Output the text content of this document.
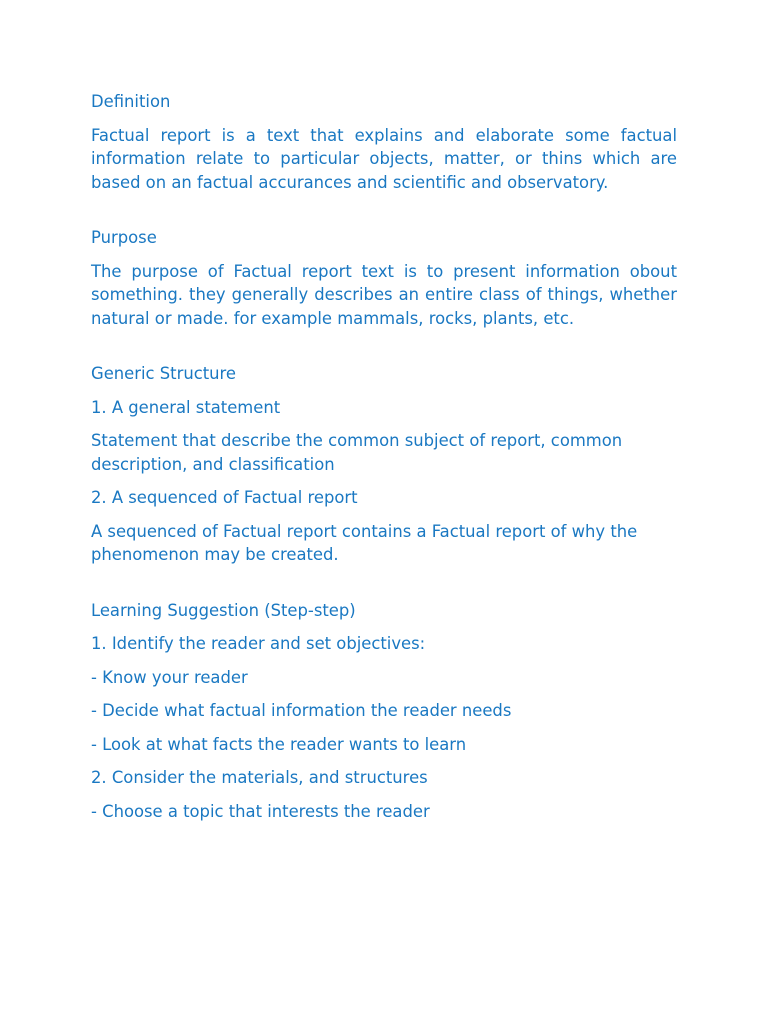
Definition

Factual report is a text that explains and elaborate some factual information relate to particular objects, matter, or thins which are based on an factual accurances and scientific and observatory.

Purpose

The purpose of Factual report text is to present information obout something. they generally describes an entire class of things, whether natural or made. for example mammals, rocks, plants, etc.

Generic Structure

1. A general statement

Statement that describe the common subject of report, common description, and classification

2. A sequenced of Factual report

A sequenced of Factual report contains a Factual report of why the phenomenon may be created.

Learning Suggestion (Step-step)

1. Identify the reader and set objectives:

- Know your reader

- Decide what factual information the reader needs

- Look at what facts the reader wants to learn

2. Consider the materials, and structures

- Choose a topic that interests the reader
